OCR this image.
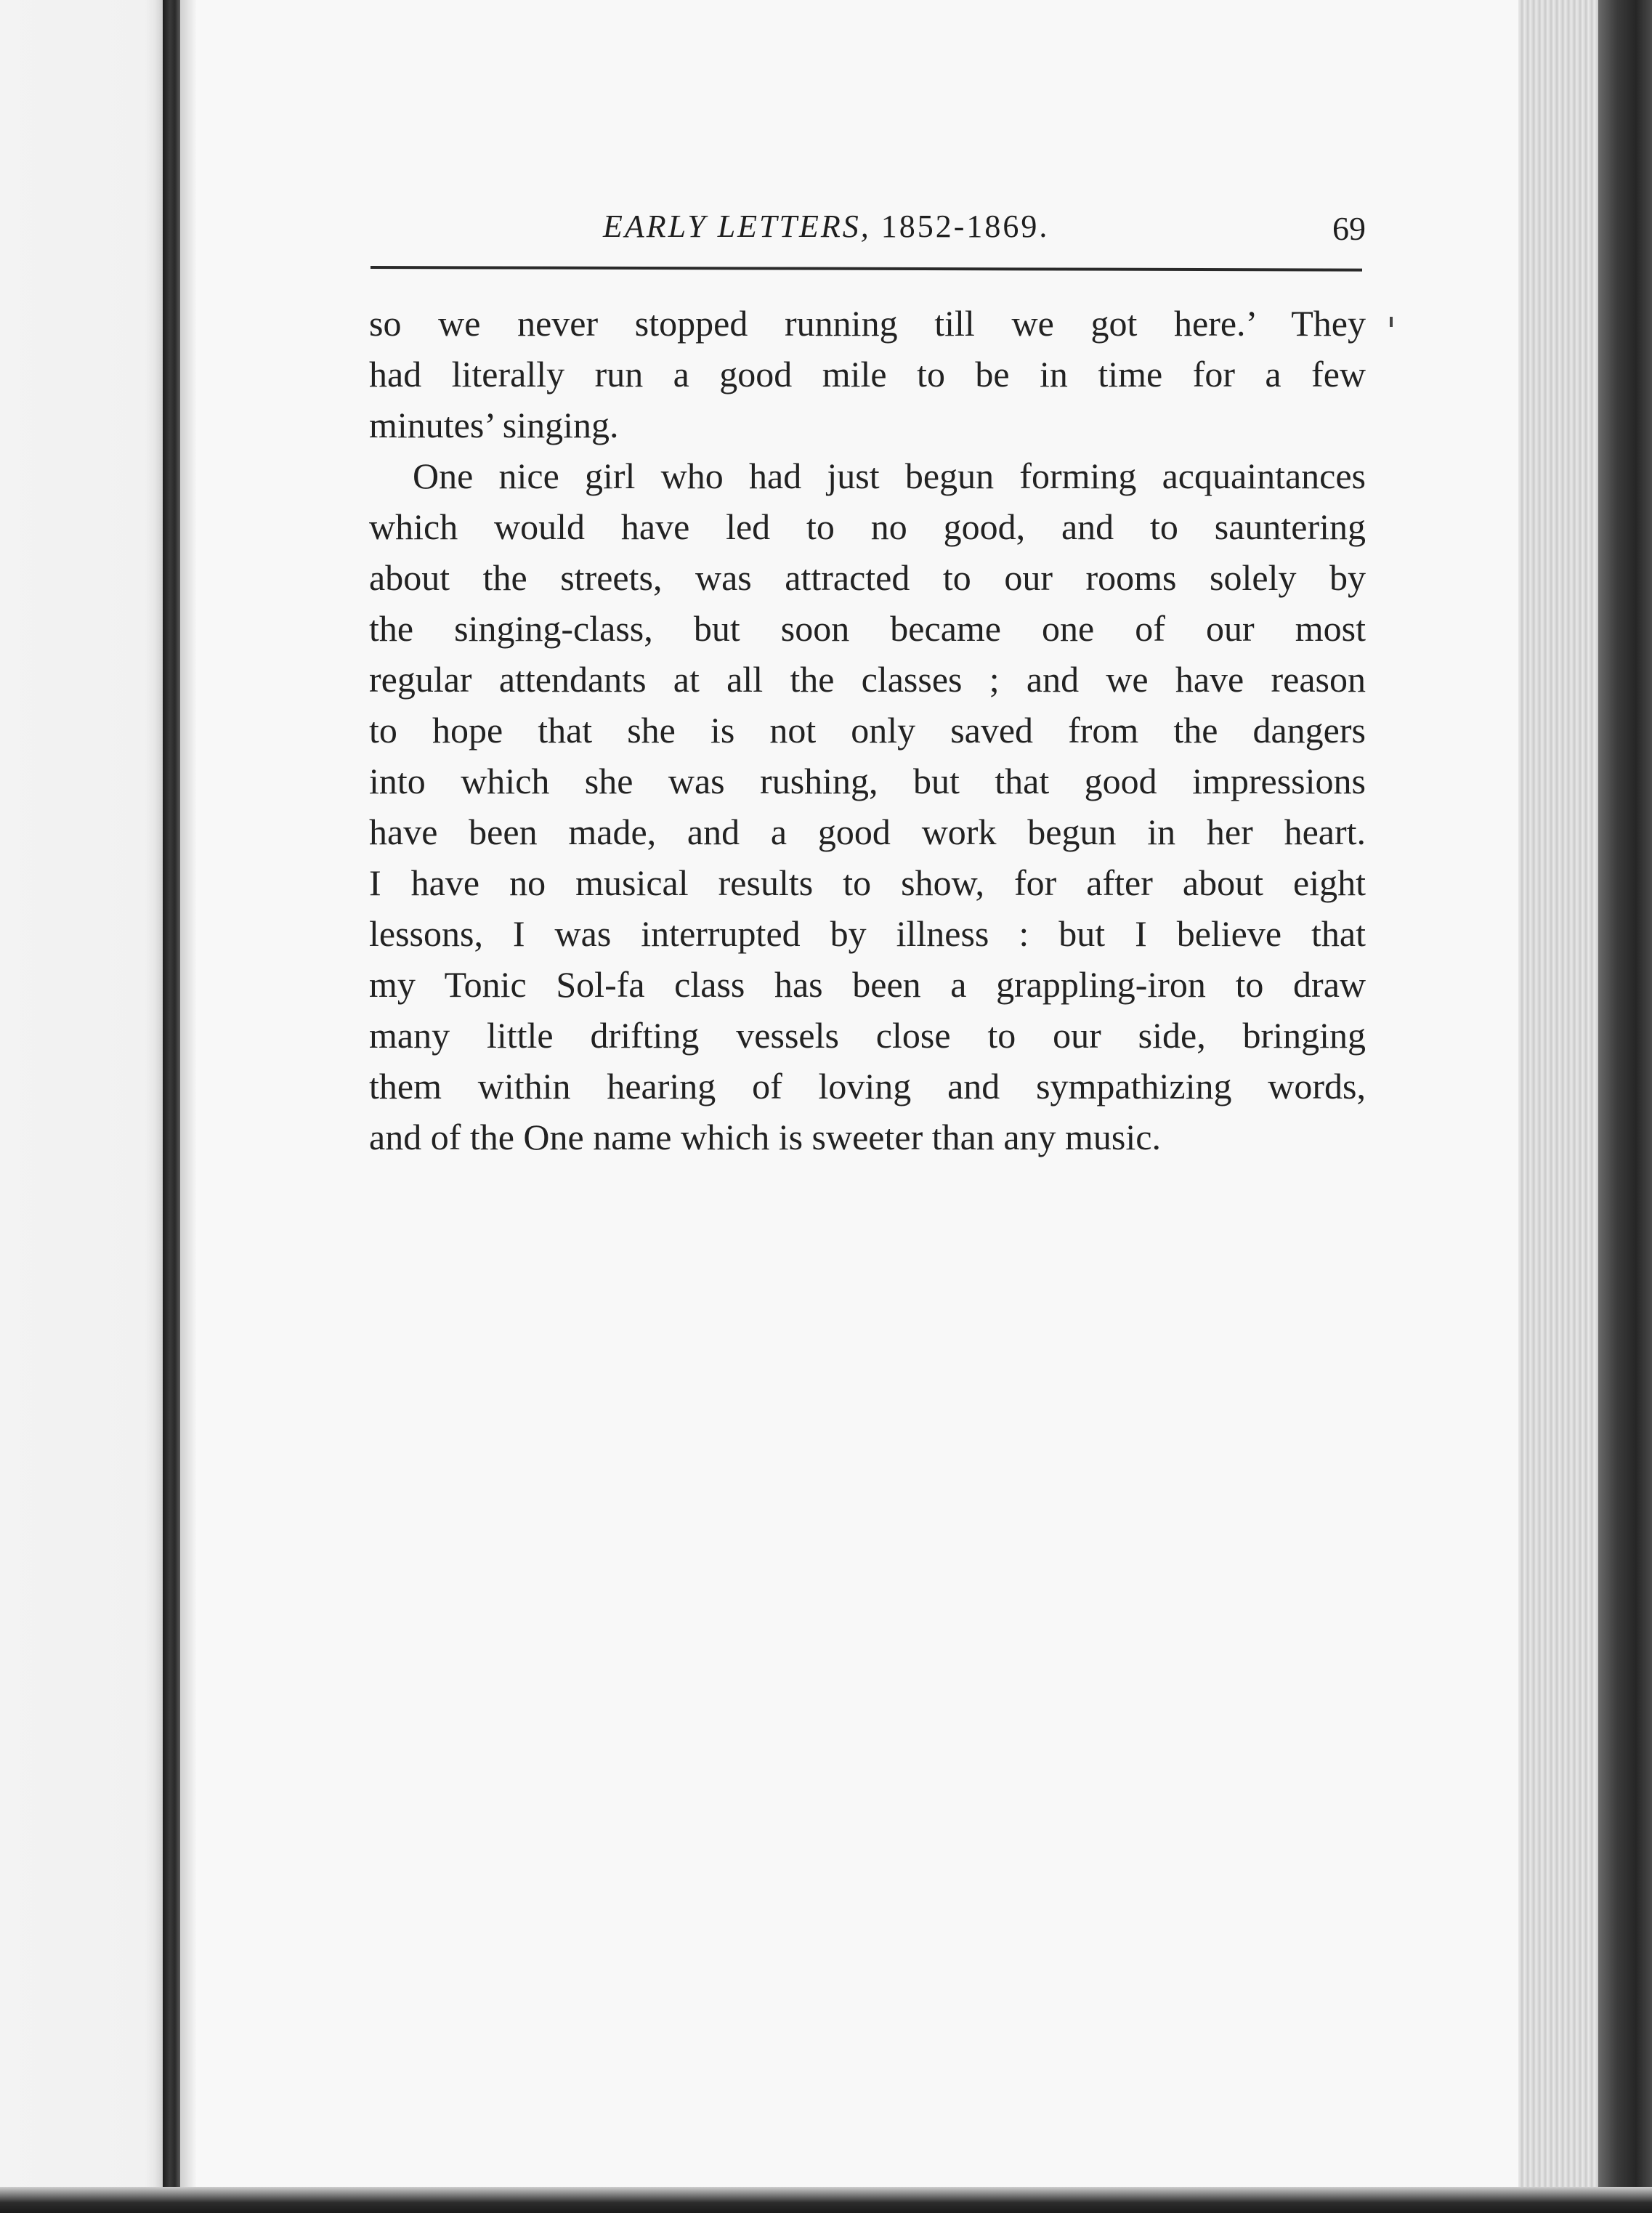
EARLY LETTERS, 1852-1869.	69
so we never stopped running till we got here.’ They
had literally run a good mile to be in time for a few
minutes’ singing.
One nice girl who had just begun forming acquaintances
which would have led to no good, and to sauntering
about the streets, was attracted to our rooms solely by
the singing-class, but soon became one of our most
regular attendants at all the classes ; and we have reason
to hope that she is not only saved from the dangers
into which she was rushing, but that good impressions
have been made, and a good work begun in her heart.
I have no musical results to show, for after about eight
lessons, I was interrupted by illness : but I believe that
my Tonic Sol-fa class has been a grappling-iron to draw
many little drifting vessels close to our side, bringing
them within hearing of loving and sympathizing words,
and of the One name which is sweeter than any music.
